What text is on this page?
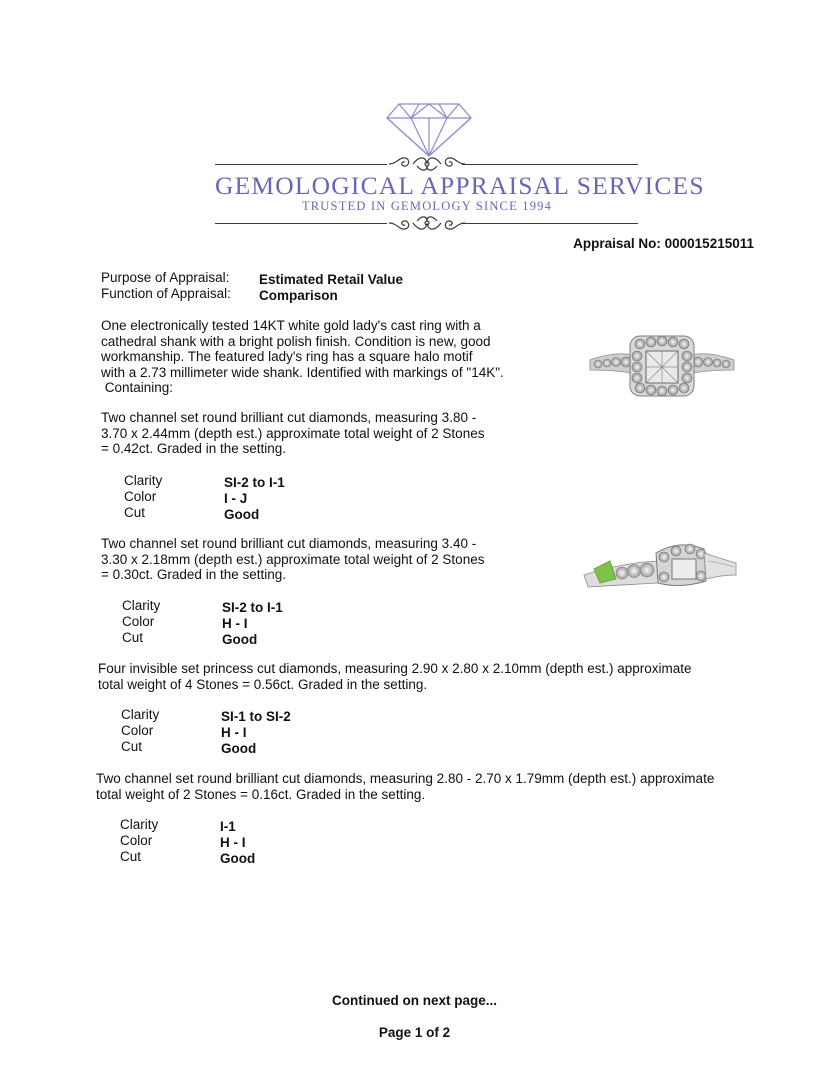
GEMOLOGICAL APPRAISAL SERVICES
TRUSTED IN GEMOLOGY SINCE 1994
Appraisal No: 000015215011
Purpose of Appraisal: Estimated Retail Value
Function of Appraisal: Comparison
One electronically tested 14KT white gold lady's cast ring with a
cathedral shank with a bright polish finish. Condition is new, good
workmanship. The featured lady's ring has a square halo motif
with a 2.73 millimeter wide shank. Identified with markings of "14K".
Containing:
Two channel set round brilliant cut diamonds, measuring 3.80 -
3.70 x 2.44mm (depth est.) approximate total weight of 2 Stones
= 0.42ct. Graded in the setting.
Clarity	SI-2 to I-1
Color	I - J
Cut	Good
Two channel set round brilliant cut diamonds, measuring 3.40 -
3.30 x 2.18mm (depth est.) approximate total weight of 2 Stones
= 0.30ct. Graded in the setting.
Clarity	SI-2 to I-1
Color	H - I
Cut	Good
Four invisible set princess cut diamonds, measuring 2.90 x 2.80 x 2.10mm (depth est.) approximate
total weight of 4 Stones = 0.56ct. Graded in the setting.
Clarity	SI-1 to SI-2
Color	H - I
Cut	Good
Two channel set round brilliant cut diamonds, measuring 2.80 - 2.70 x 1.79mm (depth est.) approximate
total weight of 2 Stones = 0.16ct. Graded in the setting.
Clarity	I-1
Color	H - I
Cut	Good
Continued on next page...
Page 1 of 2
